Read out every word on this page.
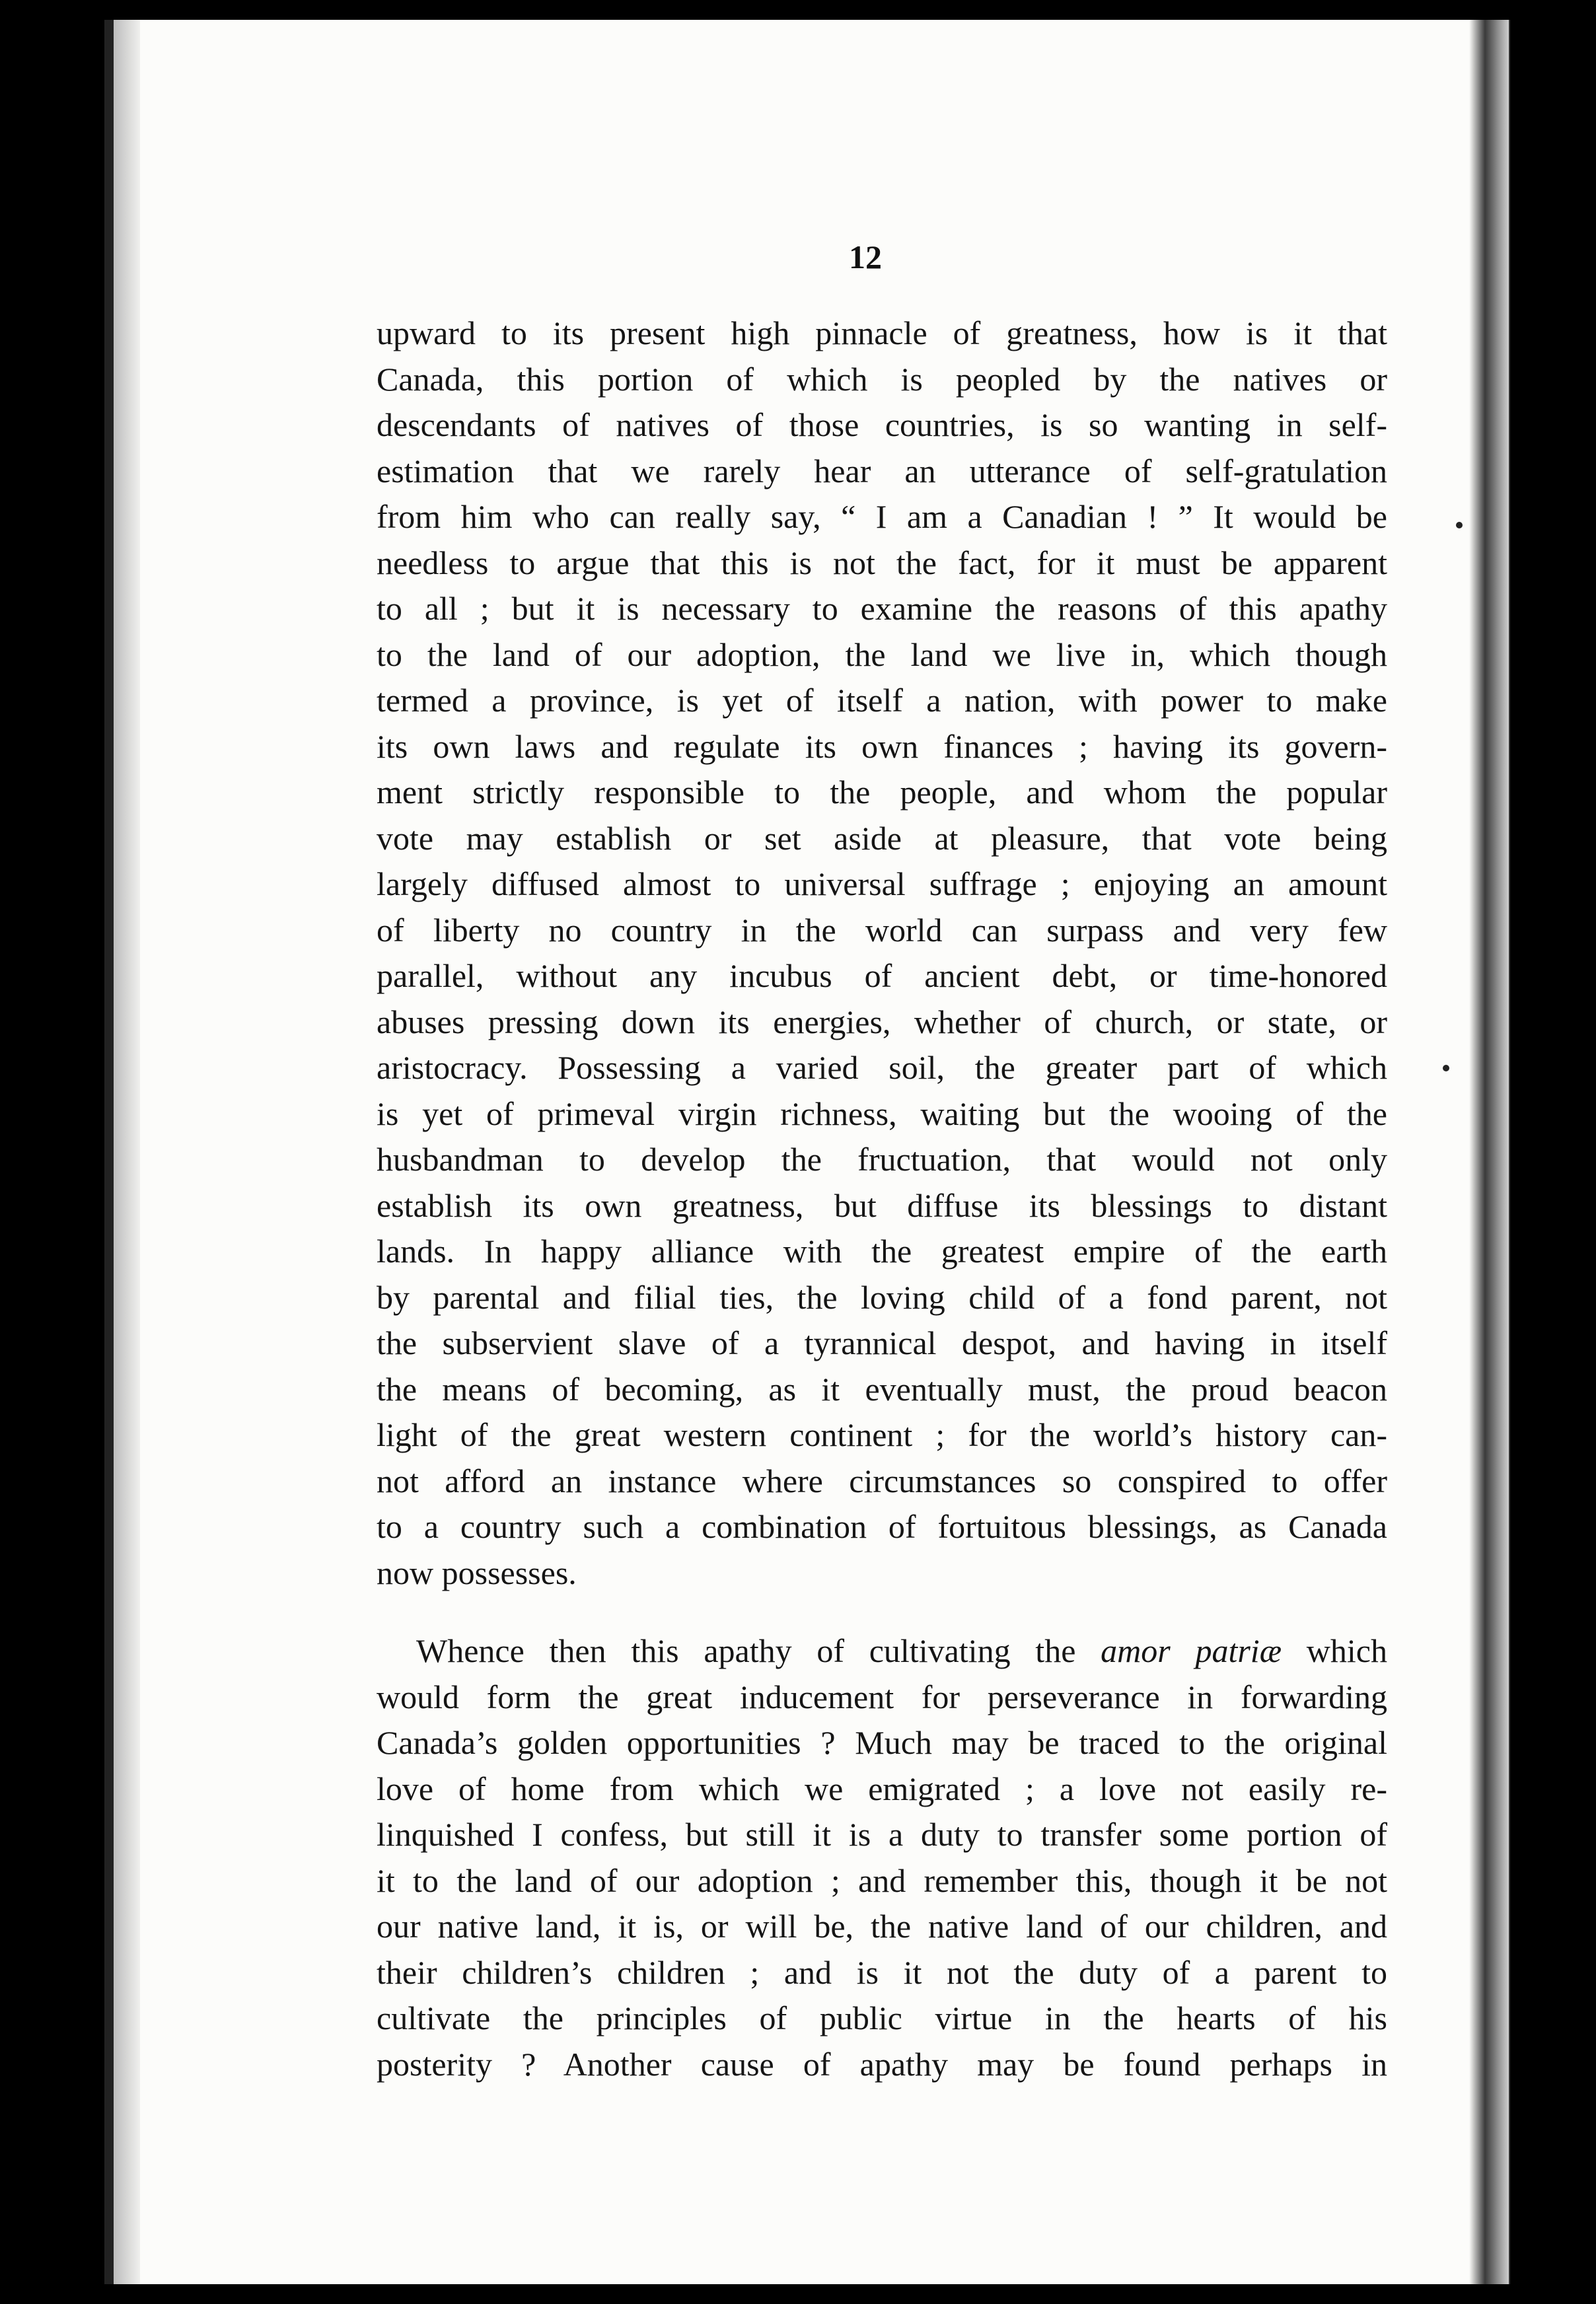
12
upward to its present high pinnacle of greatness, how is it that
Canada, this portion of which is peopled by the natives or
descendants of natives of those countries, is so wanting in self-
estimation that we rarely hear an utterance of self-gratulation
from him who can really say, “ I am a Canadian ! ” It would be
needless to argue that this is not the fact, for it must be apparent
to all ; but it is necessary to examine the reasons of this apathy
to the land of our adoption, the land we live in, which though
termed a province, is yet of itself a nation, with power to make
its own laws and regulate its own finances ; having its govern-
ment strictly responsible to the people, and whom the popular
vote may establish or set aside at pleasure, that vote being
largely diffused almost to universal suffrage ; enjoying an amount
of liberty no country in the world can surpass and very few
parallel, without any incubus of ancient debt, or time-honored
abuses pressing down its energies, whether of church, or state, or
aristocracy. Possessing a varied soil, the greater part of which
is yet of primeval virgin richness, waiting but the wooing of the
husbandman to develop the fructuation, that would not only
establish its own greatness, but diffuse its blessings to distant
lands. In happy alliance with the greatest empire of the earth
by parental and filial ties, the loving child of a fond parent, not
the subservient slave of a tyrannical despot, and having in itself
the means of becoming, as it eventually must, the proud beacon
light of the great western continent ; for the world’s history can-
not afford an instance where circumstances so conspired to offer
to a country such a combination of fortuitous blessings, as Canada
now possesses.
Whence then this apathy of cultivating the amor patriæ which
would form the great inducement for perseverance in forwarding
Canada’s golden opportunities ? Much may be traced to the original
love of home from which we emigrated ; a love not easily re-
linquished I confess, but still it is a duty to transfer some portion of
it to the land of our adoption ; and remember this, though it be not
our native land, it is, or will be, the native land of our children, and
their children’s children ; and is it not the duty of a parent to
cultivate the principles of public virtue in the hearts of his
posterity ? Another cause of apathy may be found perhaps in
